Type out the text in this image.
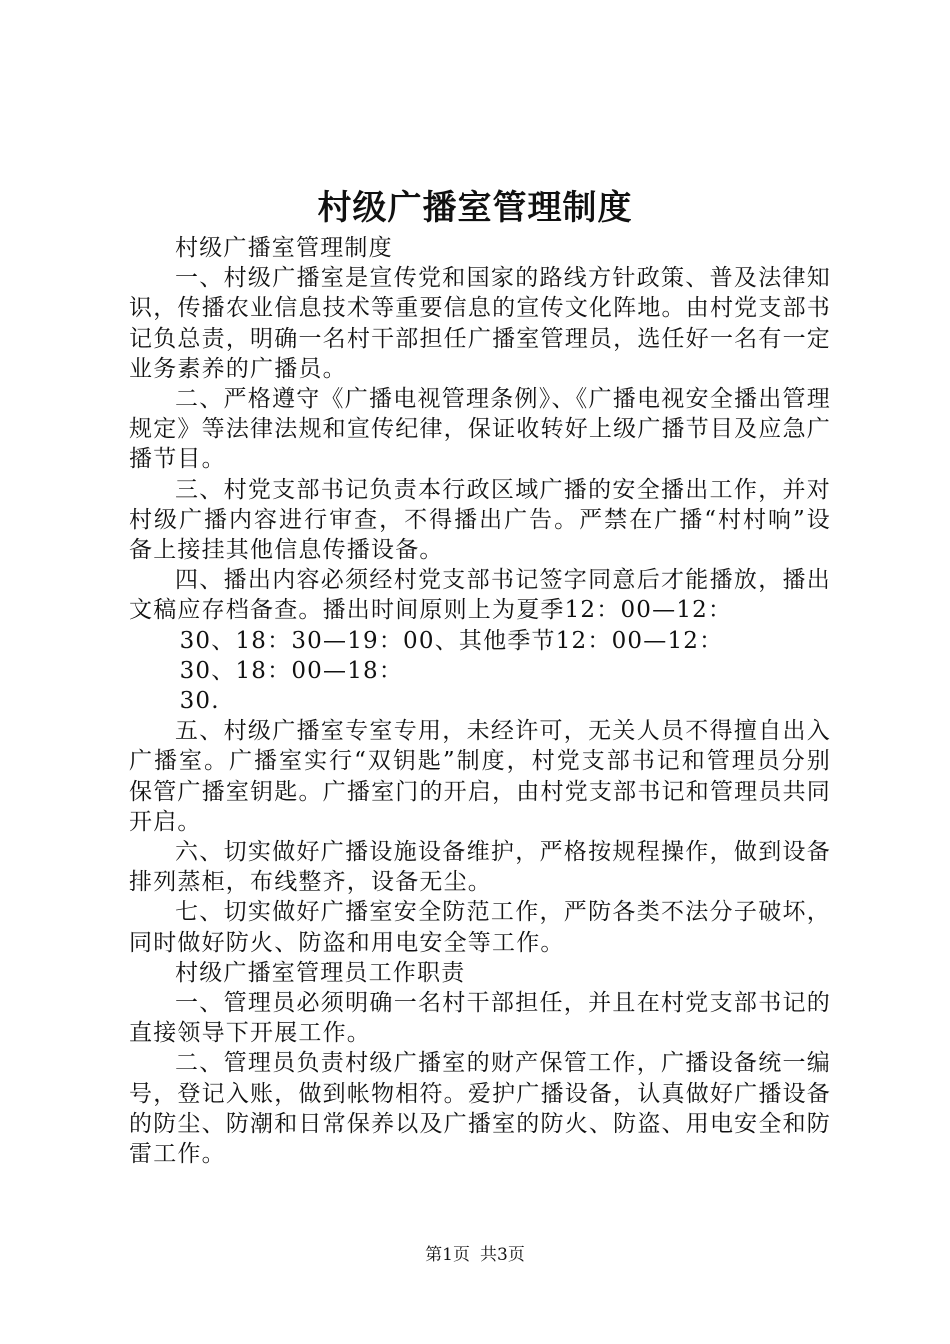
村级广播室管理制度

村级广播室管理制度

一、村级广播室是宣传党和国家的路线方针政策、普及法律知识，传播农业信息技术等重要信息的宣传文化阵地。由村党支部书记负总责，明确一名村干部担任广播室管理员，选任好一名有一定业务素养的广播员。

二、严格遵守《广播电视管理条例》、《广播电视安全播出管理规定》等法律法规和宣传纪律，保证收转好上级广播节目及应急广播节目。

三、村党支部书记负责本行政区域广播的安全播出工作，并对村级广播内容进行审查，不得播出广告。严禁在广播“村村响”设备上接挂其他信息传播设备。

四、播出内容必须经村党支部书记签字同意后才能播放，播出文稿应存档备查。播出时间原则上为夏季12：00—12：

30、18：30—19：00、其他季节12：00—12：

30、18：00—18：

30.

五、村级广播室专室专用，未经许可，无关人员不得擅自出入广播室。广播室实行“双钥匙”制度，村党支部书记和管理员分别保管广播室钥匙。广播室门的开启，由村党支部书记和管理员共同开启。

六、切实做好广播设施设备维护，严格按规程操作，做到设备排列蒸柜，布线整齐，设备无尘。

七、切实做好广播室安全防范工作，严防各类不法分子破坏，同时做好防火、防盗和用电安全等工作。

村级广播室管理员工作职责

一、管理员必须明确一名村干部担任，并且在村党支部书记的直接领导下开展工作。

二、管理员负责村级广播室的财产保管工作，广播设备统一编号，登记入账，做到帐物相符。爱护广播设备，认真做好广播设备的防尘、防潮和日常保养以及广播室的防火、防盗、用电安全和防雷工作。

第1页 共3页
